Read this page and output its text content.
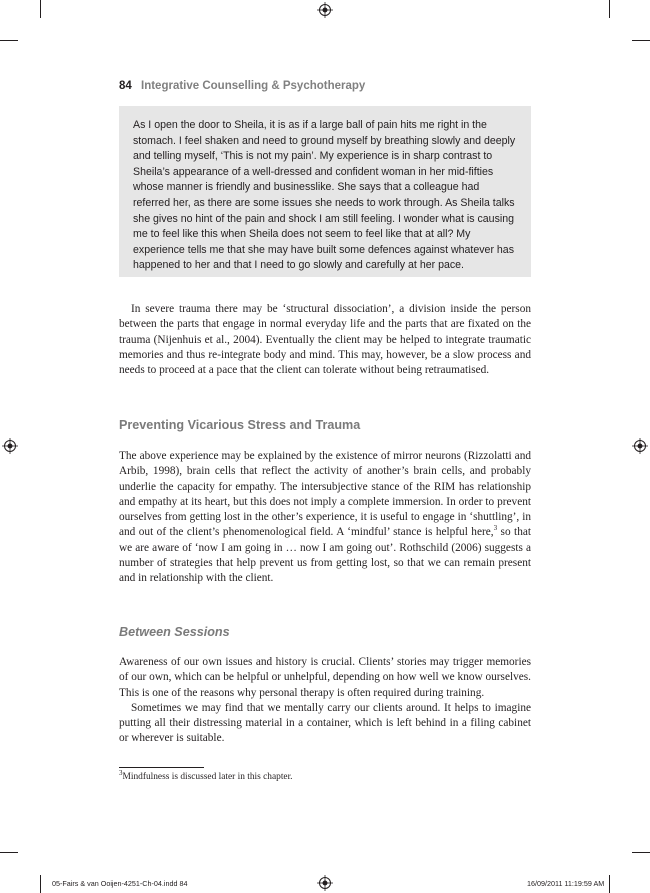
84 Integrative Counselling & Psychotherapy

As I open the door to Sheila, it is as if a large ball of pain hits me right in the stomach. I feel shaken and need to ground myself by breathing slowly and deeply and telling myself, ‘This is not my pain’. My experience is in sharp contrast to Sheila’s appearance of a well-dressed and confident woman in her mid-fifties whose manner is friendly and businesslike. She says that a colleague had referred her, as there are some issues she needs to work through. As Sheila talks she gives no hint of the pain and shock I am still feeling. I wonder what is causing me to feel like this when Sheila does not seem to feel like that at all? My experience tells me that she may have built some defences against whatever has happened to her and that I need to go slowly and carefully at her pace.

In severe trauma there may be ‘structural dissociation’, a division inside the person between the parts that engage in normal everyday life and the parts that are fixated on the trauma (Nijenhuis et al., 2004). Eventually the client may be helped to integrate traumatic memories and thus re-integrate body and mind. This may, however, be a slow process and needs to proceed at a pace that the client can tolerate without being retraumatised.

Preventing Vicarious Stress and Trauma

The above experience may be explained by the existence of mirror neurons (Rizzolatti and Arbib, 1998), brain cells that reflect the activity of another’s brain cells, and probably underlie the capacity for empathy. The intersubjective stance of the RIM has relationship and empathy at its heart, but this does not imply a complete immersion. In order to prevent ourselves from getting lost in the other’s experience, it is useful to engage in ‘shuttling’, in and out of the client’s phenomenological field. A ‘mindful’ stance is helpful here,$^3$ so that we are aware of ‘now I am going in … now I am going out’. Rothschild (2006) suggests a number of strategies that help prevent us from getting lost, so that we can remain present and in relationship with the client.

Between Sessions

Awareness of our own issues and history is crucial. Clients’ stories may trigger memories of our own, which can be helpful or unhelpful, depending on how well we know ourselves. This is one of the reasons why personal therapy is often required during training.

Sometimes we may find that we mentally carry our clients around. It helps to imagine putting all their distressing material in a container, which is left behind in a filing cabinet or wherever is suitable.

$^3$Mindfulness is discussed later in this chapter.
05-Fairs & van Ooijen-4251-Ch-04.indd 84	16/09/2011 11:19:59 AM
